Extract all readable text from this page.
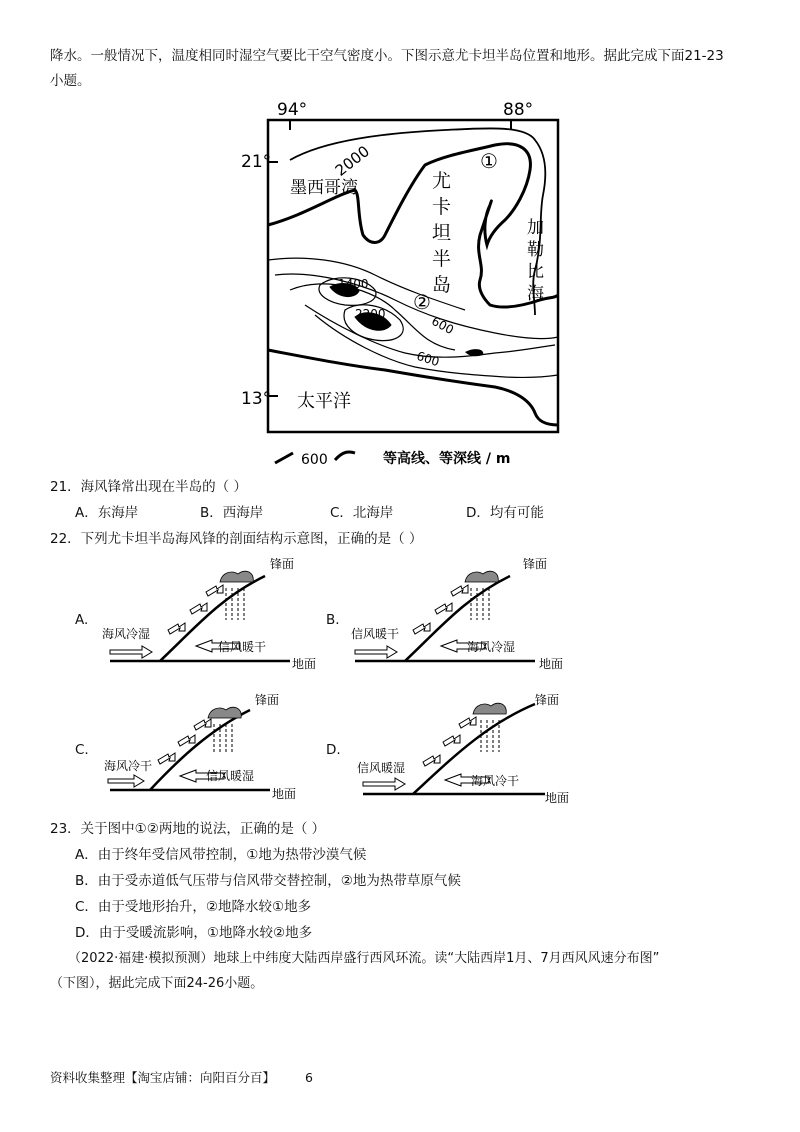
降水。一般情况下，温度相同时湿空气要比干空气密度小。下图示意尤卡坦半岛位置和地形。据此完成下面21-23
小题。
94°	88°
21°
13°
2000
1400
2200	600
600
墨西哥湾	尤
卡
坦
半
岛
加
勒
比
海
太平洋
①
②
600	等高线、等深线 / m
21．海风锋常出现在半岛的（ ）
A．东海岸	B．西海岸	C．北海岸	D．均有可能
22．下列尤卡坦半岛海风锋的剖面结构示意图，正确的是（ ）
A.
锋面
地面
海风冷湿
信风暖干
B.
锋面
地面
信风暖干
海风冷湿
C.
锋面
地面
海风冷干
信风暖湿
D.
锋面
地面
信风暖湿
海风冷干
23．关于图中①②两地的说法，正确的是（ ）
A．由于终年受信风带控制，①地为热带沙漠气候
B．由于受赤道低气压带与信风带交替控制，②地为热带草原气候
C．由于受地形抬升，②地降水较①地多
D．由于受暖流影响，①地降水较②地多
（2022·福建·模拟预测）地球上中纬度大陆西岸盛行西风环流。读“大陆西岸1月、7月西风风速分布图”
（下图），据此完成下面24-26小题。
资料收集整理【淘宝店铺：向阳百分百】 6
